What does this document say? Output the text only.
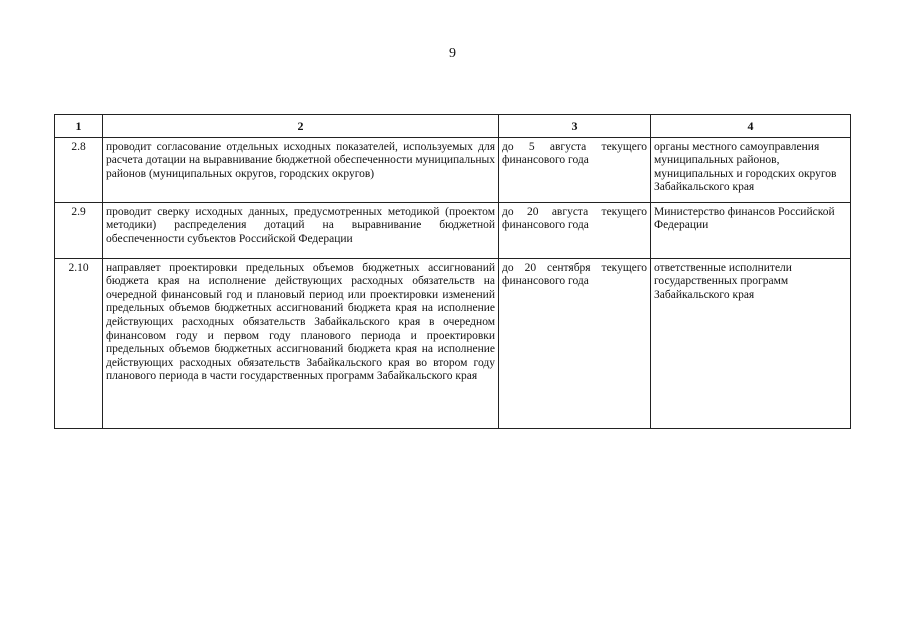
9
1	2	3	4
2.8	проводит согласование отдельных исходных показателей, используемых для расчета дотации на выравнивание бюджетной обеспеченности муниципальных районов (муниципальных округов, городских округов)	до 5 августа текущего финансового года	органы местного самоуправления муниципальных районов, муниципальных и городских округов Забайкальского края
2.9	проводит сверку исходных данных, предусмотренных методикой (проектом методики) распределения дотаций на выравнивание бюджетной обеспеченности субъектов Российской Федерации	до 20 августа текущего финансового года	Министерство финансов Российской Федерации
2.10	направляет проектировки предельных объемов бюджетных ассигнований бюджета края на исполнение действующих расходных обязательств на очередной финансовый год и плановый период или проектировки изменений предельных объемов бюджетных ассигнований бюджета края на исполнение действующих расходных обязательств Забайкальского края в очередном финансовом году и первом году планового периода и проектировки предельных объемов бюджетных ассигнований бюджета края на исполнение действующих расходных обязательств Забайкальского края во втором году планового периода в части государственных программ Забайкальского края	до 20 сентября текущего финансового года	ответственные исполнители государственных программ Забайкальского края
